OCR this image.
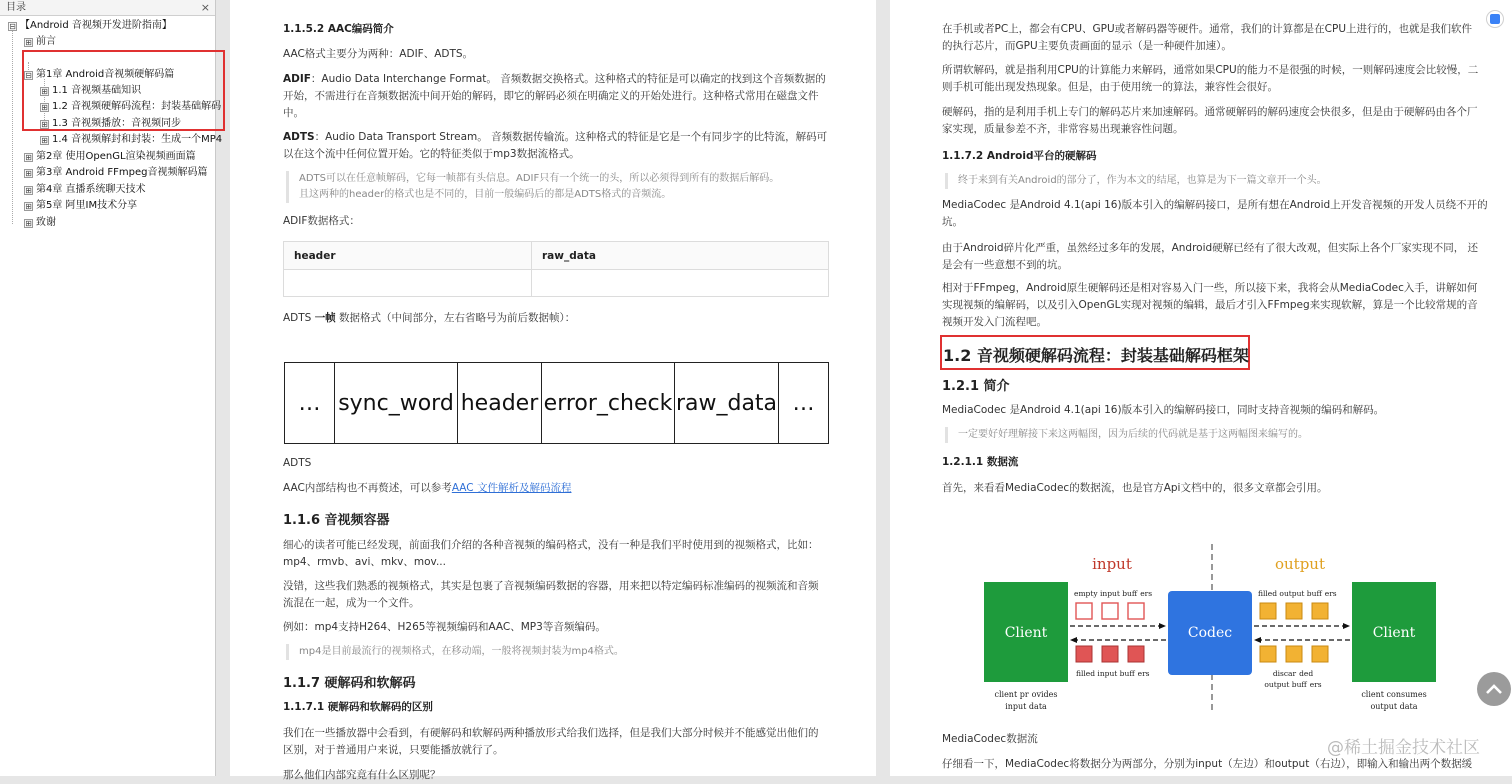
目录	×
⊟ 【Android 音视频开发进阶指南】
⊞ 前言
⊟ 第1章 Android音视频硬解码篇
⊞ 1.1 音视频基础知识
⊞ 1.2 音视频硬解码流程：封装基础解码
⊞ 1.3 音视频播放：音视频同步
⊞ 1.4 音视频解封和封装：生成一个MP4
⊞ 第2章 使用OpenGL渲染视频画面篇
⊞ 第3章 Android FFmpeg音视频解码篇
⊞ 第4章 直播系统聊天技术
⊞ 第5章 阿里IM技术分享
⊞ 致谢
1.1.5.2 AAC编码简介
AAC格式主要分为两种：ADIF、ADTS。
ADIF：Audio Data Interchange Format。 音频数据交换格式。这种格式的特征是可以确定的找到这个音频数据的
开始，不需进行在音频数据流中间开始的解码，即它的解码必须在明确定义的开始处进行。这种格式常用在磁盘文件
中。
ADTS：Audio Data Transport Stream。 音频数据传输流。这种格式的特征是它是一个有同步字的比特流，解码可
以在这个流中任何位置开始。它的特征类似于mp3数据流格式。
ADTS可以在任意帧解码，它每一帧都有头信息。ADIF只有一个统一的头，所以必须得到所有的数据后解码。
且这两种的header的格式也是不同的，目前一般编码后的都是ADTS格式的音频流。
ADIF数据格式：
header	raw_data

ADTS 一帧 数据格式（中间部分，左右省略号为前后数据帧）：
… sync_word header error_check raw_data …
ADTS
AAC内部结构也不再赘述，可以参考AAC 文件解析及解码流程
1.1.6 音视频容器
细心的读者可能已经发现，前面我们介绍的各种音视频的编码格式，没有一种是我们平时使用到的视频格式，比如：
mp4、rmvb、avi、mkv、mov...
没错，这些我们熟悉的视频格式，其实是包裹了音视频编码数据的容器，用来把以特定编码标准编码的视频流和音频
流混在一起，成为一个文件。
例如：mp4支持H264、H265等视频编码和AAC、MP3等音频编码。
mp4是目前最流行的视频格式，在移动端，一般将视频封装为mp4格式。
1.1.7 硬解码和软解码
1.1.7.1 硬解码和软解码的区别
我们在一些播放器中会看到，有硬解码和软解码两种播放形式给我们选择，但是我们大部分时候并不能感觉出他们的
区别，对于普通用户来说，只要能播放就行了。
那么他们内部究竟有什么区别呢？
在手机或者PC上，都会有CPU、GPU或者解码器等硬件。通常，我们的计算都是在CPU上进行的，也就是我们软件
的执行芯片，而GPU主要负责画面的显示（是一种硬件加速）。
所谓软解码，就是指利用CPU的计算能力来解码，通常如果CPU的能力不是很强的时候，一则解码速度会比较慢，二
则手机可能出现发热现象。但是，由于使用统一的算法，兼容性会很好。
硬解码，指的是利用手机上专门的解码芯片来加速解码。通常硬解码的解码速度会快很多，但是由于硬解码由各个厂
家实现，质量参差不齐，非常容易出现兼容性问题。
1.1.7.2 Android平台的硬解码
终于来到有关Android的部分了，作为本文的结尾，也算是为下一篇文章开一个头。
MediaCodec 是Android 4.1(api 16)版本引入的编解码接口，是所有想在Android上开发音视频的开发人员绕不开的
坑。
由于Android碎片化严重，虽然经过多年的发展，Android硬解已经有了很大改观，但实际上各个厂家实现不同， 还
是会有一些意想不到的坑。
相对于FFmpeg，Android原生硬解码还是相对容易入门一些，所以接下来，我将会从MediaCodec入手，讲解如何
实现视频的编解码，以及引入OpenGL实现对视频的编辑，最后才引入FFmpeg来实现软解，算是一个比较常规的音
视频开发入门流程吧。
1.2 音视频硬解码流程：封装基础解码框架
1.2.1 简介
MediaCodec 是Android 4.1(api 16)版本引入的编解码接口，同时支持音视频的编码和解码。
一定要好好理解接下来这两幅图，因为后续的代码就是基于这两幅图来编写的。
1.2.1.1 数据流
首先，来看看MediaCodec的数据流，也是官方Api文档中的，很多文章都会引用。
input	output
Client	Codec	Client
empty input buff ers
filled input buff ers
filled output buff ers
discar ded
output buff ers
client pr ovides
input data
client consumes
output data
MediaCodec数据流
仔细看一下，MediaCodec将数据分为两部分，分别为input（左边）和output（右边），即输入和输出两个数据缓
@稀土掘金技术社区
